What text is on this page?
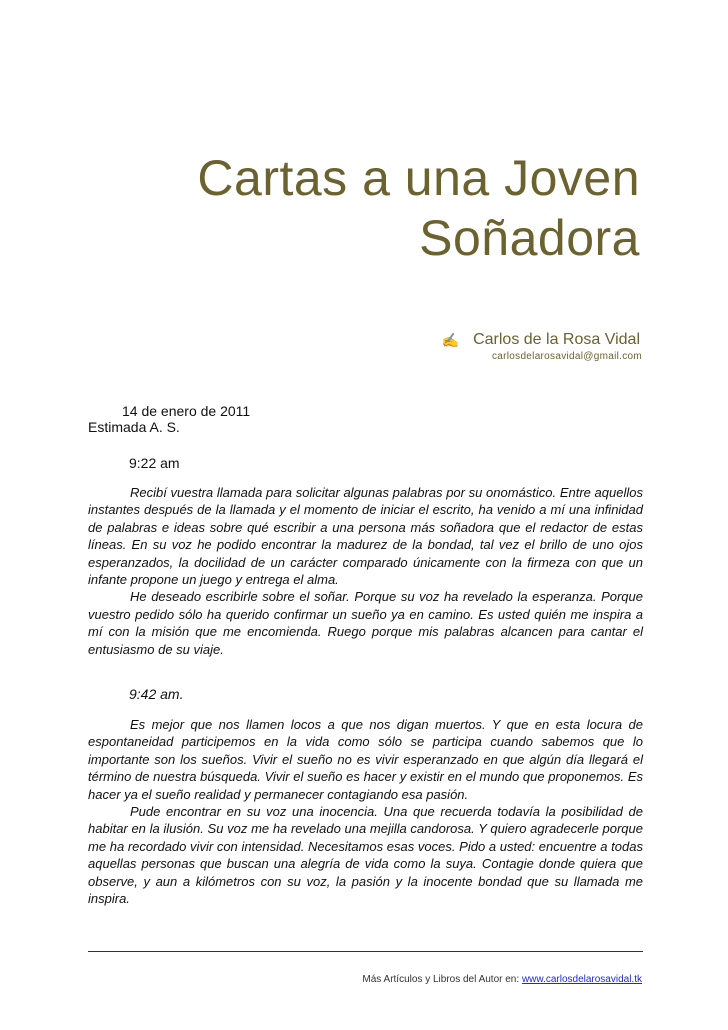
Cartas a una Joven
Soñadora
✍ Carlos de la Rosa Vidal
carlosdelarosavidal@gmail.com
14 de enero de 2011
Estimada A. S.
9:22 am

Recibí vuestra llamada para solicitar algunas palabras por su onomástico. Entre aquellos instantes después de la llamada y el momento de iniciar el escrito, ha venido a mí una infinidad de palabras e ideas sobre qué escribir a una persona más soñadora que el redactor de estas líneas. En su voz he podido encontrar la madurez de la bondad, tal vez el brillo de uno ojos esperanzados, la docilidad de un carácter comparado únicamente con la firmeza con que un infante propone un juego y entrega el alma.

He deseado escribirle sobre el soñar. Porque su voz ha revelado la esperanza. Porque vuestro pedido sólo ha querido confirmar un sueño ya en camino. Es usted quién me inspira a mí con la misión que me encomienda. Ruego porque mis palabras alcancen para cantar el entusiasmo de su viaje.

9:42 am.

Es mejor que nos llamen locos a que nos digan muertos. Y que en esta locura de espontaneidad participemos en la vida como sólo se participa cuando sabemos que lo importante son los sueños. Vivir el sueño no es vivir esperanzado en que algún día llegará el término de nuestra búsqueda. Vivir el sueño es hacer y existir en el mundo que proponemos. Es hacer ya el sueño realidad y permanecer contagiando esa pasión.

Pude encontrar en su voz una inocencia. Una que recuerda todavía la posibilidad de habitar en la ilusión. Su voz me ha revelado una mejilla candorosa. Y quiero agradecerle porque me ha recordado vivir con intensidad. Necesitamos esas voces. Pido a usted: encuentre a todas aquellas personas que buscan una alegría de vida como la suya. Contagie donde quiera que observe, y aun a kilómetros con su voz, la pasión y la inocente bondad que su llamada me inspira.

Más Artículos y Libros del Autor en: www.carlosdelarosavidal.tk
